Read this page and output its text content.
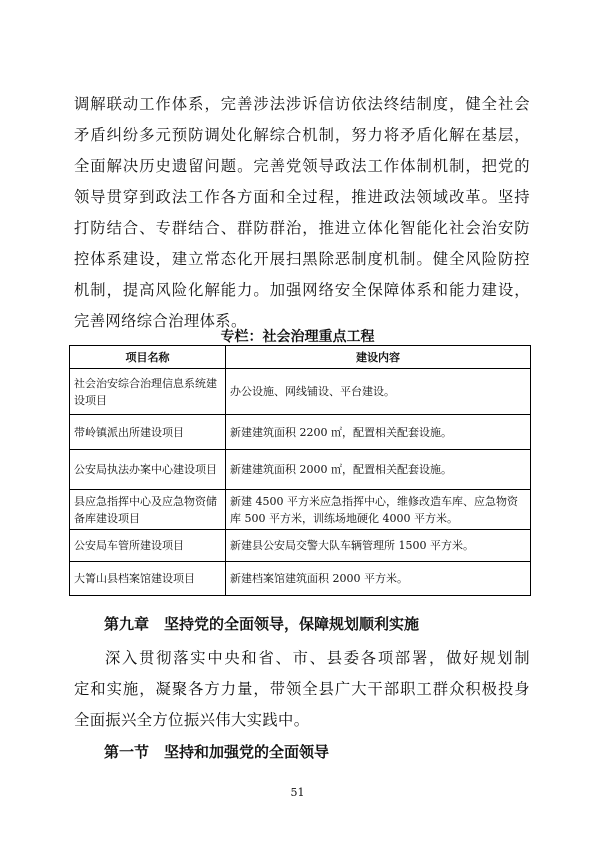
调解联动工作体系，完善涉法涉诉信访依法终结制度，健全社会
矛盾纠纷多元预防调处化解综合机制，努力将矛盾化解在基层，
全面解决历史遗留问题。完善党领导政法工作体制机制，把党的
领导贯穿到政法工作各方面和全过程，推进政法领域改革。坚持
打防结合、专群结合、群防群治，推进立体化智能化社会治安防
控体系建设，建立常态化开展扫黑除恶制度机制。健全风险防控
机制，提高风险化解能力。加强网络安全保障体系和能力建设，
完善网络综合治理体系。
专栏：社会治理重点工程
项目名称	建设内容
社会治安综合治理信息系统建设项目	办公设施、网线铺设、平台建设。
带岭镇派出所建设项目	新建建筑面积 2200 ㎡，配置相关配套设施。
公安局执法办案中心建设项目	新建建筑面积 2000 ㎡，配置相关配套设施。
县应急指挥中心及应急物资储备库建设项目	新建 4500 平方米应急指挥中心，维修改造车库、应急物资库 500 平方米，训练场地硬化 4000 平方米。
公安局车管所建设项目	新建县公安局交警大队车辆管理所 1500 平方米。
大箐山县档案馆建设项目	新建档案馆建筑面积 2000 平方米。
第九章　坚持党的全面领导，保障规划顺利实施
深入贯彻落实中央和省、市、县委各项部署，做好规划制
定和实施，凝聚各方力量，带领全县广大干部职工群众积极投身
全面振兴全方位振兴伟大实践中。
第一节　坚持和加强党的全面领导
51
